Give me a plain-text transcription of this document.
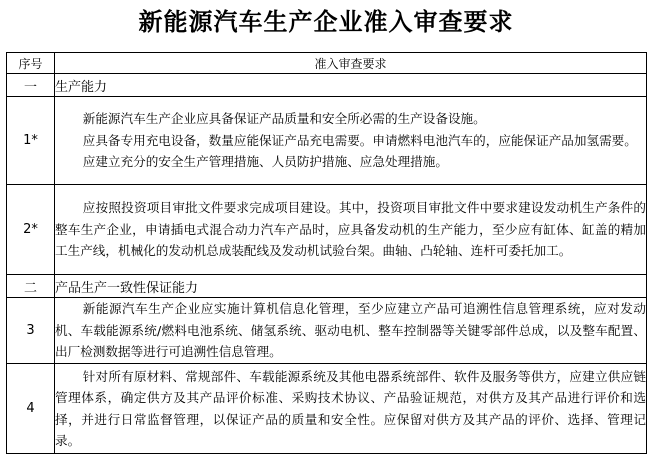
新能源汽车生产企业准入审查要求
序号	准入审查要求
一	生产能力
1*	新能源汽车生产企业应具备保证产品质量和安全所必需的生产设备设施。

应具备专用充电设备，数量应能保证产品充电需要。申请燃料电池汽车的，应能保证产品加氢需要。

应建立充分的安全生产管理措施、人员防护措施、应急处理措施。

2*	应按照投资项目审批文件要求完成项目建设。其中，投资项目审批文件中要求建设发动机生产条件的整车生产企业，申请插电式混合动力汽车产品时，应具备发动机的生产能力，至少应有缸体、缸盖的精加工生产线，机械化的发动机总成装配线及发动机试验台架。曲轴、凸轮轴、连杆可委托加工。

二	产品生产一致性保证能力
3	新能源汽车生产企业应实施计算机信息化管理，至少应建立产品可追溯性信息管理系统，应对发动机、车载能源系统/燃料电池系统、储氢系统、驱动电机、整车控制器等关键零部件总成，以及整车配置、出厂检测数据等进行可追溯性信息管理。

4	针对所有原材料、常规部件、车载能源系统及其他电器系统部件、软件及服务等供方，应建立供应链管理体系，确定供方及其产品评价标准、采购技术协议、产品验证规范，对供方及其产品进行评价和选择，并进行日常监督管理，以保证产品的质量和安全性。应保留对供方及其产品的评价、选择、管理记录。
